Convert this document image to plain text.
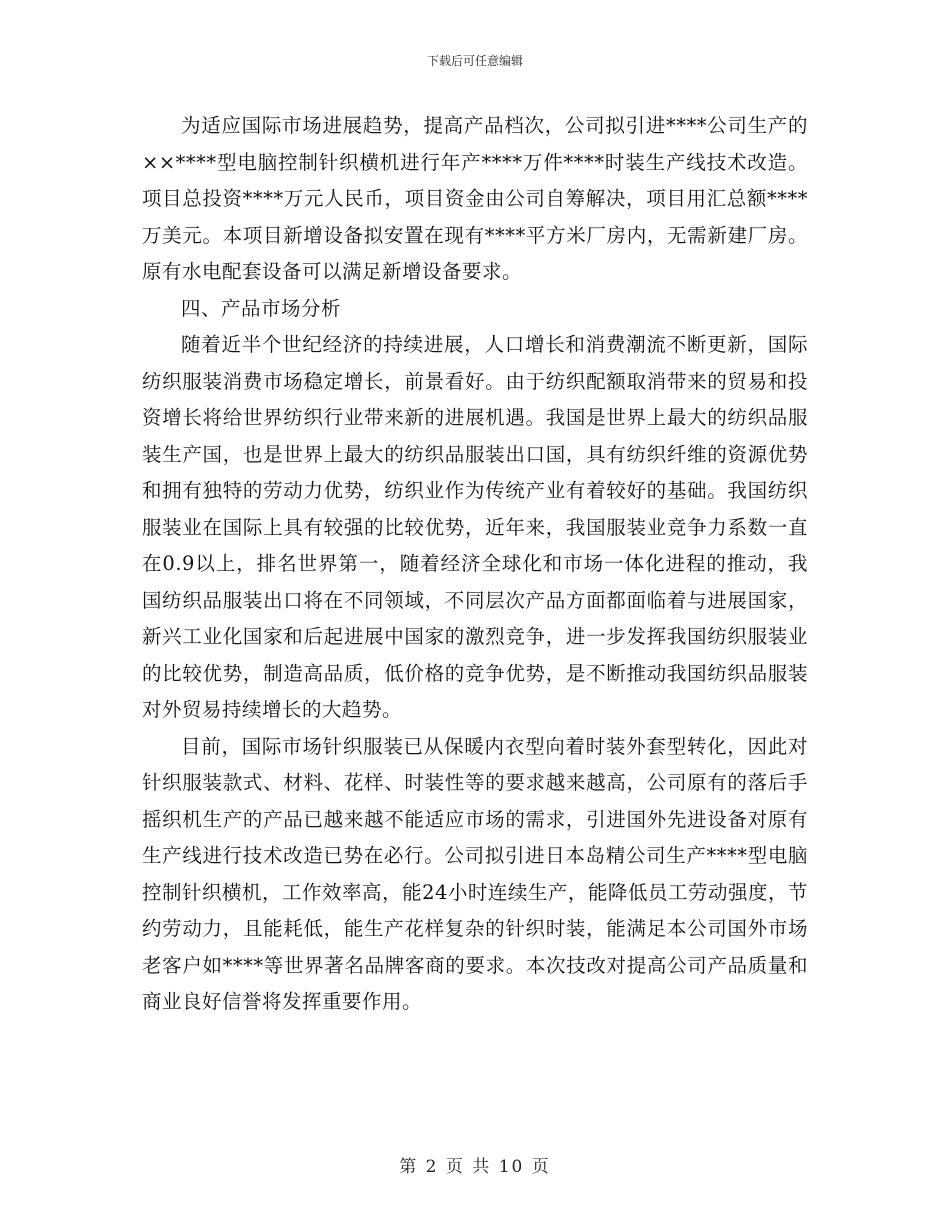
下载后可任意编辑

为适应国际市场进展趋势，提高产品档次，公司拟引进****公司生产的××****型电脑控制针织横机进行年产****万件****时装生产线技术改造。项目总投资****万元人民币，项目资金由公司自筹解决，项目用汇总额****万美元。本项目新增设备拟安置在现有****平方米厂房内，无需新建厂房。原有水电配套设备可以满足新增设备要求。

四、产品市场分析

随着近半个世纪经济的持续进展，人口增长和消费潮流不断更新，国际纺织服装消费市场稳定增长，前景看好。由于纺织配额取消带来的贸易和投资增长将给世界纺织行业带来新的进展机遇。我国是世界上最大的纺织品服装生产国，也是世界上最大的纺织品服装出口国，具有纺织纤维的资源优势和拥有独特的劳动力优势，纺织业作为传统产业有着较好的基础。我国纺织服装业在国际上具有较强的比较优势，近年来，我国服装业竞争力系数一直在0.9以上，排名世界第一，随着经济全球化和市场一体化进程的推动，我国纺织品服装出口将在不同领域，不同层次产品方面都面临着与进展国家，新兴工业化国家和后起进展中国家的激烈竞争，进一步发挥我国纺织服装业的比较优势，制造高品质，低价格的竞争优势，是不断推动我国纺织品服装对外贸易持续增长的大趋势。

目前，国际市场针织服装已从保暖内衣型向着时装外套型转化，因此对针织服装款式、材料、花样、时装性等的要求越来越高，公司原有的落后手摇织机生产的产品已越来越不能适应市场的需求，引进国外先进设备对原有生产线进行技术改造已势在必行。公司拟引进日本岛精公司生产****型电脑控制针织横机，工作效率高，能24小时连续生产，能降低员工劳动强度，节约劳动力，且能耗低，能生产花样复杂的针织时装，能满足本公司国外市场老客户如****等世界著名品牌客商的要求。本次技改对提高公司产品质量和商业良好信誉将发挥重要作用。

第 2 页 共 10 页
